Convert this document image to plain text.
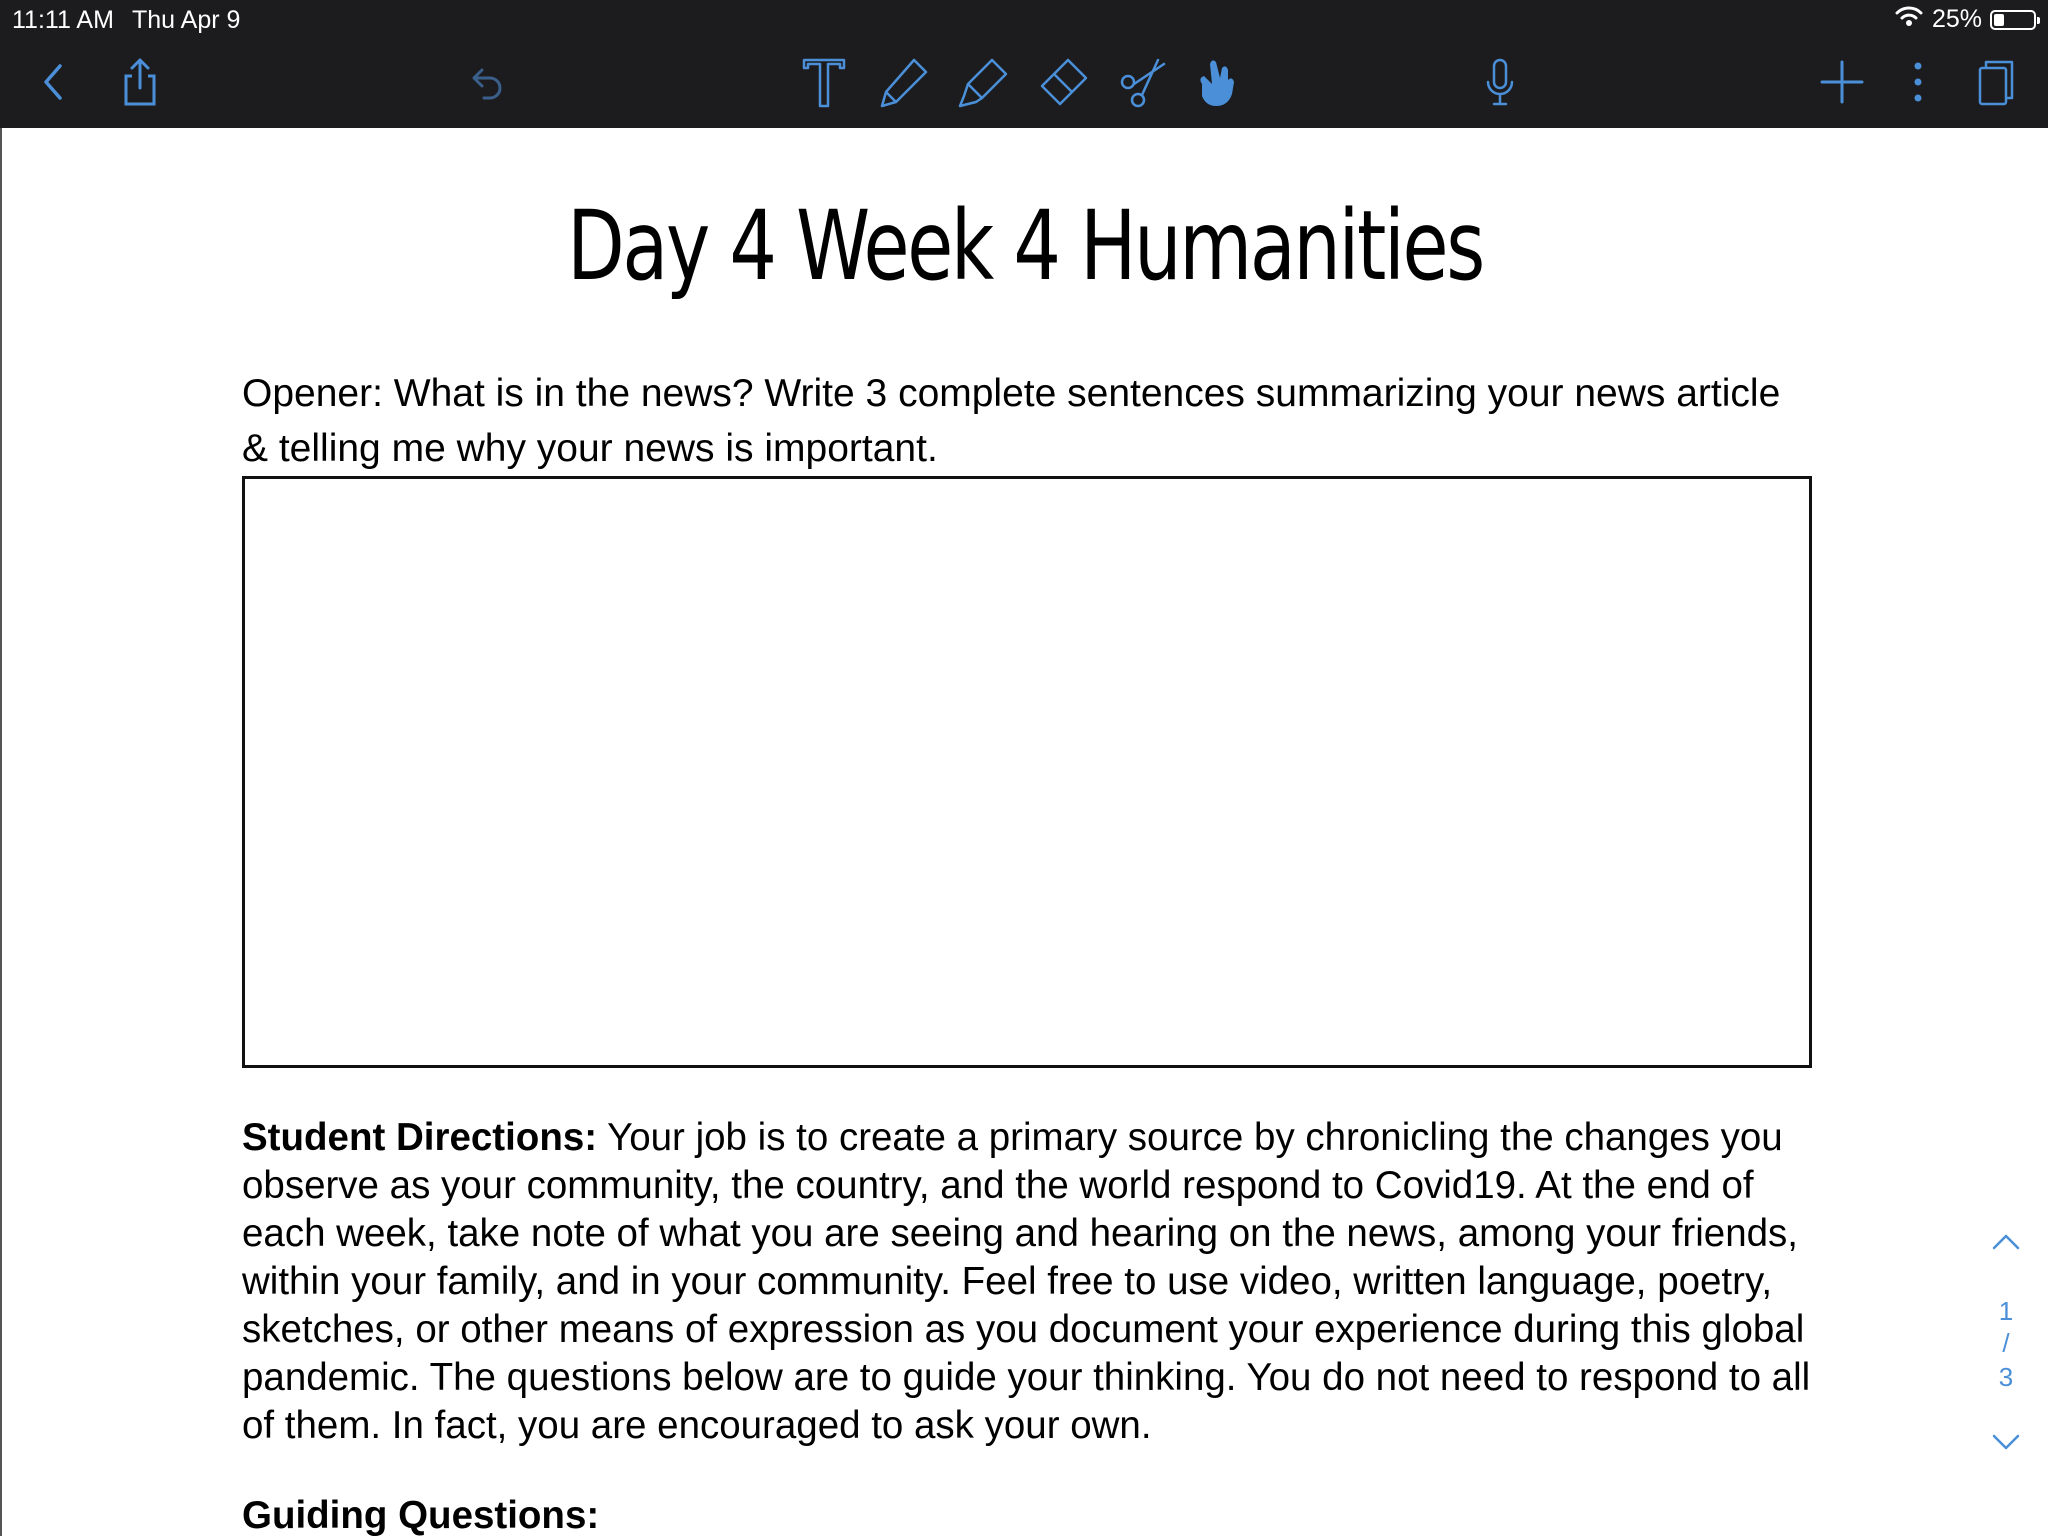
11:11 AM Thu Apr 9	25%
Day 4 Week 4 Humanities
Opener: What is in the news? Write 3 complete sentences summarizing your news article & telling me why your news is important.
Student Directions: Your job is to create a primary source by chronicling the changes you observe as your community, the country, and the world respond to Covid19. At the end of each week, take note of what you are seeing and hearing on the news, among your friends, within your family, and in your community. Feel free to use video, written language, poetry, sketches, or other means of expression as you document your experience during this global pandemic. The questions below are to guide your thinking. You do not need to respond to all of them. In fact, you are encouraged to ask your own.
Guiding Questions:
1
/
3
